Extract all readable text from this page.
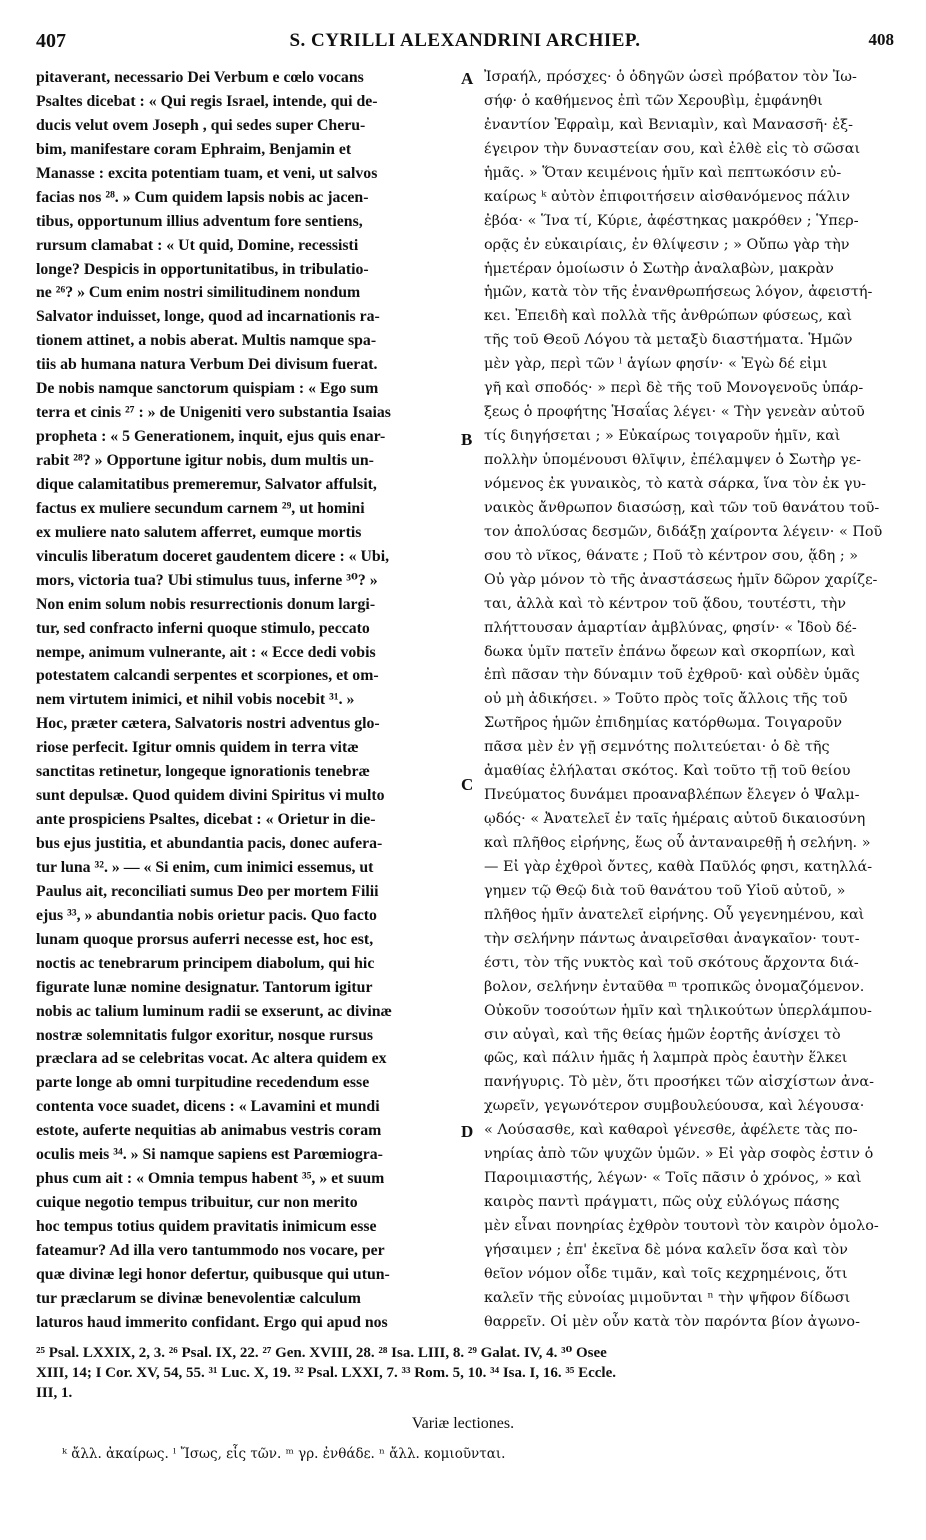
407	S. CYRILLI ALEXANDRINI ARCHIEP.	408
pitaverant, necessario Dei Verbum e cœlo vocans
Psaltes dicebat : « Qui regis Israel, intende, qui de-
ducis velut ovem Joseph , qui sedes super Cheru-
bim, manifestare coram Ephraim, Benjamin et
Manasse : excita potentiam tuam, et veni, ut salvos
facias nos ²⁸. » Cum quidem lapsis nobis ac jacen-
tibus, opportunum illius adventum fore sentiens,
rursum clamabat : « Ut quid, Domine, recessisti
longe? Despicis in opportunitatibus, in tribulatio-
ne ²⁶? » Cum enim nostri similitudinem nondum
Salvator induisset, longe, quod ad incarnationis ra-
tionem attinet, a nobis aberat. Multis namque spa-
tiis ab humana natura Verbum Dei divisum fuerat.
De nobis namque sanctorum quispiam : « Ego sum
terra et cinis ²⁷ : » de Unigeniti vero substantia Isaias
propheta : « 5 Generationem, inquit, ejus quis enar-
rabit ²⁸? » Opportune igitur nobis, dum multis un-
dique calamitatibus premeremur, Salvator affulsit,
factus ex muliere secundum carnem ²⁹, ut homini
ex muliere nato salutem afferret, eumque mortis
vinculis liberatum doceret gaudentem dicere : « Ubi,
mors, victoria tua? Ubi stimulus tuus, inferne ³⁰? »
Non enim solum nobis resurrectionis donum largi-
tur, sed confracto inferni quoque stimulo, peccato
nempe, animum vulnerante, ait : « Ecce dedi vobis
potestatem calcandi serpentes et scorpiones, et om-
nem virtutem inimici, et nihil vobis nocebit ³¹. »
Hoc, præter cætera, Salvatoris nostri adventus glo-
riose perfecit. Igitur omnis quidem in terra vitæ
sanctitas retinetur, longeque ignorationis tenebræ
sunt depulsæ. Quod quidem divini Spiritus vi multo
ante prospiciens Psaltes, dicebat : « Orietur in die-
bus ejus justitia, et abundantia pacis, donec aufera-
tur luna ³². » — « Si enim, cum inimici essemus, ut
Paulus ait, reconciliati sumus Deo per mortem Filii
ejus ³³, » abundantia nobis orietur pacis. Quo facto
lunam quoque prorsus auferri necesse est, hoc est,
noctis ac tenebrarum principem diabolum, qui hic
figurate lunæ nomine designatur. Tantorum igitur
nobis ac talium luminum radii se exserunt, ac divinæ
nostræ solemnitatis fulgor exoritur, nosque rursus
præclara ad se celebritas vocat. Ac altera quidem ex
parte longe ab omni turpitudine recedendum esse
contenta voce suadet, dicens : « Lavamini et mundi
estote, auferte nequitias ab animabus vestris coram
oculis meis ³⁴. » Si namque sapiens est Parœmiogra-
phus cum ait : « Omnia tempus habent ³⁵, » et suum
cuique negotio tempus tribuitur, cur non merito
hoc tempus totius quidem pravitatis inimicum esse
fateamur? Ad illa vero tantummodo nos vocare, per
quæ divinæ legi honor defertur, quibusque qui utun-
tur præclarum se divinæ benevolentiæ calculum
laturos haud immerito confidant. Ergo qui apud nos
Ἰσραήλ, πρόσχες· ὁ ὁδηγῶν ὡσεὶ πρόβατον τὸν Ἰω-
σήφ· ὁ καθήμενος ἐπὶ τῶν Χερουβὶμ, ἐμφάνηθι
ἐναντίον Ἐφραὶμ, καὶ Βενιαμὶν, καὶ Μανασσῆ· ἐξ-
έγειρον τὴν δυναστείαν σου, καὶ ἐλθὲ εἰς τὸ σῶσαι
ἡμᾶς. » Ὅταν κειμένοις ἡμῖν καὶ πεπτωκόσιν εὐ-
καίρως ᵏ αὐτὸν ἐπιφοιτήσειν αἰσθανόμενος πάλιν
ἐβόα· « Ἵνα τί, Κύριε, ἀφέστηκας μακρόθεν ; Ὑπερ-
ορᾷς ἐν εὐκαιρίαις, ἐν θλίψεσιν ; » Οὔπω γὰρ τὴν
ἡμετέραν ὁμοίωσιν ὁ Σωτὴρ ἀναλαβὼν, μακρὰν
ἡμῶν, κατὰ τὸν τῆς ἐνανθρωπήσεως λόγον, ἀφειστή-
κει. Ἐπειδὴ καὶ πολλὰ τῆς ἀνθρώπων φύσεως, καὶ
τῆς τοῦ Θεοῦ Λόγου τὰ μεταξὺ διαστήματα. Ἡμῶν
μὲν γὰρ, περὶ τῶν ˡ ἁγίων φησίν· « Ἐγὼ δέ εἰμι
γῆ καὶ σποδός· » περὶ δὲ τῆς τοῦ Μονογενοῦς ὑπάρ-
ξεως ὁ προφήτης Ἡσαΐας λέγει· « Τὴν γενεὰν αὐτοῦ
τίς διηγήσεται ; » Εὐκαίρως τοιγαροῦν ἡμῖν, καὶ
πολλὴν ὑπομένουσι θλῖψιν, ἐπέλαμψεν ὁ Σωτὴρ γε-
νόμενος ἐκ γυναικὸς, τὸ κατὰ σάρκα, ἵνα τὸν ἐκ γυ-
ναικὸς ἄνθρωπον διασώσῃ, καὶ τῶν τοῦ θανάτου τοῦ-
τον ἀπολύσας δεσμῶν, διδάξῃ χαίροντα λέγειν· « Ποῦ
σου τὸ νῖκος, θάνατε ; Ποῦ τὸ κέντρον σου, ᾅδη ; »
Οὐ γὰρ μόνον τὸ τῆς ἀναστάσεως ἡμῖν δῶρον χαρίζε-
ται, ἀλλὰ καὶ τὸ κέντρον τοῦ ᾅδου, τουτέστι, τὴν
πλήττουσαν ἁμαρτίαν ἀμβλύνας, φησίν· « Ἰδοὺ δέ-
δωκα ὑμῖν πατεῖν ἐπάνω ὄφεων καὶ σκορπίων, καὶ
ἐπὶ πᾶσαν τὴν δύναμιν τοῦ ἐχθροῦ· καὶ οὐδὲν ὑμᾶς
οὐ μὴ ἀδικήσει. » Τοῦτο πρὸς τοῖς ἄλλοις τῆς τοῦ
Σωτῆρος ἡμῶν ἐπιδημίας κατόρθωμα. Τοιγαροῦν
πᾶσα μὲν ἐν γῇ σεμνότης πολιτεύεται· ὁ δὲ τῆς
ἀμαθίας ἐλήλαται σκότος. Καὶ τοῦτο τῇ τοῦ θείου
Πνεύματος δυνάμει προαναβλέπων ἔλεγεν ὁ Ψαλμ-
ῳδός· « Ἀνατελεῖ ἐν ταῖς ἡμέραις αὐτοῦ δικαιοσύνη
καὶ πλῆθος εἰρήνης, ἕως οὗ ἀνταναιρεθῇ ἡ σελήνη. »
— Εἰ γὰρ ἐχθροὶ ὄντες, καθὰ Παῦλός φησι, κατηλλά-
γημεν τῷ Θεῷ διὰ τοῦ θανάτου τοῦ Υἱοῦ αὐτοῦ, »
πλῆθος ἡμῖν ἀνατελεῖ εἰρήνης. Οὗ γεγενημένου, καὶ
τὴν σελήνην πάντως ἀναιρεῖσθαι ἀναγκαῖον· τουτ-
έστι, τὸν τῆς νυκτὸς καὶ τοῦ σκότους ἄρχοντα διά-
βολον, σελήνην ἐνταῦθα ᵐ τροπικῶς ὀνομαζόμενον.
Οὐκοῦν τοσούτων ἡμῖν καὶ τηλικούτων ὑπερλάμπου-
σιν αὐγαὶ, καὶ τῆς θείας ἡμῶν ἑορτῆς ἀνίσχει τὸ
φῶς, καὶ πάλιν ἡμᾶς ἡ λαμπρὰ πρὸς ἑαυτὴν ἕλκει
πανήγυρις. Τὸ μὲν, ὅτι προσήκει τῶν αἰσχίστων ἀνα-
χωρεῖν, γεγωνότερον συμβουλεύουσα, καὶ λέγουσα·
« Λούσασθε, καὶ καθαροὶ γένεσθε, ἀφέλετε τὰς πο-
νηρίας ἀπὸ τῶν ψυχῶν ὑμῶν. » Εἰ γὰρ σοφὸς ἐστιν ὁ
Παροιμιαστής, λέγων· « Τοῖς πᾶσιν ὁ χρόνος, » καὶ
καιρὸς παντὶ πράγματι, πῶς οὐχ εὐλόγως πάσης
μὲν εἶναι πονηρίας ἐχθρὸν τουτονὶ τὸν καιρὸν ὁμολο-
γήσαιμεν ; ἐπ' ἐκεῖνα δὲ μόνα καλεῖν ὅσα καὶ τὸν
θεῖον νόμον οἶδε τιμᾶν, καὶ τοῖς κεχρημένοις, ὅτι
καλεῖν τῆς εὐνοίας μιμοῦνται ⁿ τὴν ψῆφον δίδωσι
θαρρεῖν. Οἱ μὲν οὖν κατὰ τὸν παρόντα βίον ἀγωνο-
A
B
C
D
²⁵ Psal. LXXIX, 2, 3. ²⁶ Psal. IX, 22. ²⁷ Gen. XVIII, 28. ²⁸ Isa. LIII, 8. ²⁹ Galat. IV, 4. ³⁰ Osee
XIII, 14; I Cor. XV, 54, 55. ³¹ Luc. X, 19. ³² Psal. LXXI, 7. ³³ Rom. 5, 10. ³⁴ Isa. I, 16. ³⁵ Eccle.
III, 1.
Variæ lectiones.
ᵏ ἄλλ. ἀκαίρως. ˡ Ἴσως, εἷς τῶν. ᵐ γρ. ἐνθάδε. ⁿ ἄλλ. κομιοῦνται.
